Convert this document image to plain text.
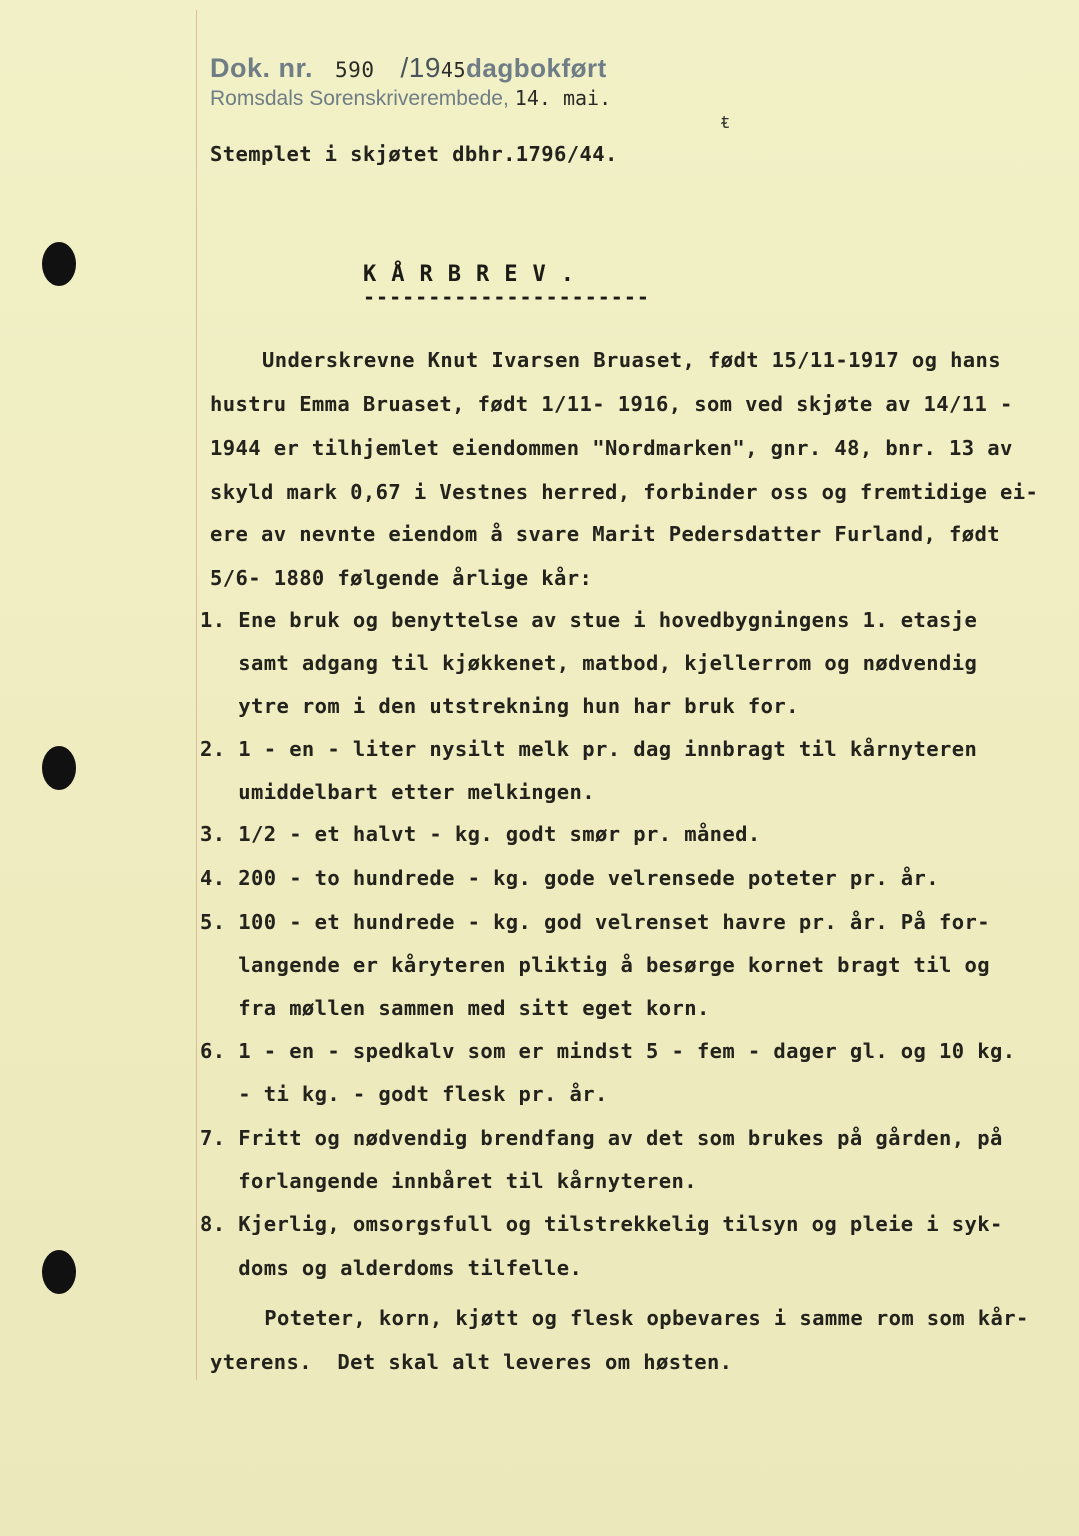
Dok. nr. 590 /1945dagbokført
Romsdals Sorenskriverembede, 14. mai.
ᵵ
Stemplet i skjøtet dbhr.1796/44.
KÅRBREV.
----------------------
Underskrevne Knut Ivarsen Bruaset, født 15/11-1917 og hans
hustru Emma Bruaset, født 1/11- 1916, som ved skjøte av 14/11 -
1944 er tilhjemlet eiendommen "Nordmarken", gnr. 48, bnr. 13 av
skyld mark 0,67 i Vestnes herred, forbinder oss og fremtidige ei-
ere av nevnte eiendom å svare Marit Pedersdatter Furland, født
5/6- 1880 følgende årlige kår:
1. Ene bruk og benyttelse av stue i hovedbygningens 1. etasje
samt adgang til kjøkkenet, matbod, kjellerrom og nødvendig
ytre rom i den utstrekning hun har bruk for.
2. 1 - en - liter nysilt melk pr. dag innbragt til kårnyteren
umiddelbart etter melkingen.
3. 1/2 - et halvt - kg. godt smør pr. måned.
4. 200 - to hundrede - kg. gode velrensede poteter pr. år.
5. 100 - et hundrede - kg. god velrenset havre pr. år. På for-
langende er kåryteren pliktig å besørge kornet bragt til og
fra møllen sammen med sitt eget korn.
6. 1 - en - spedkalv som er mindst 5 - fem - dager gl. og 10 kg.
- ti kg. - godt flesk pr. år.
7. Fritt og nødvendig brendfang av det som brukes på gården, på
forlangende innbåret til kårnyteren.
8. Kjerlig, omsorgsfull og tilstrekkelig tilsyn og pleie i syk-
doms og alderdoms tilfelle.
Poteter, korn, kjøtt og flesk opbevares i samme rom som kår-
yterens.  Det skal alt leveres om høsten.
